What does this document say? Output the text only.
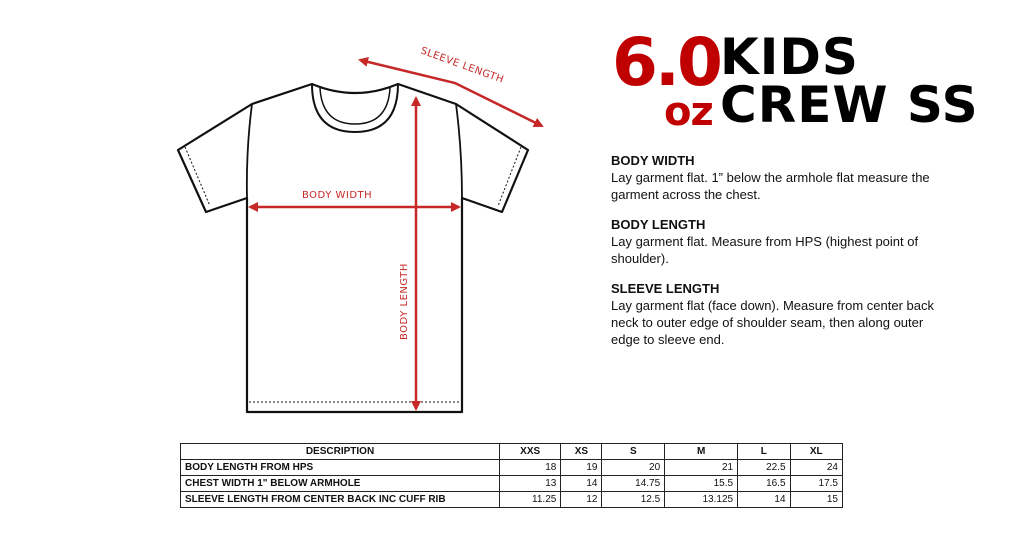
SLEEVE LENGTH
BODY WIDTH
BODY LENGTH
6.0
oz
KIDS
CREW SS
BODY WIDTH
Lay garment flat. 1” below the armhole flat measure the garment across the chest.
BODY LENGTH
Lay garment flat. Measure from HPS (highest point of shoulder).
SLEEVE LENGTH
Lay garment flat (face down). Measure from center back neck to outer edge of shoulder seam, then along outer edge to sleeve end.
DESCRIPTION	XXS	XS	S	M	L	XL
BODY LENGTH FROM HPS	18	19	20	21	22.5	24
CHEST WIDTH 1" BELOW ARMHOLE	13	14	14.75	15.5	16.5	17.5
SLEEVE LENGTH FROM CENTER BACK INC CUFF RIB	11.25	12	12.5	13.125	14	15
